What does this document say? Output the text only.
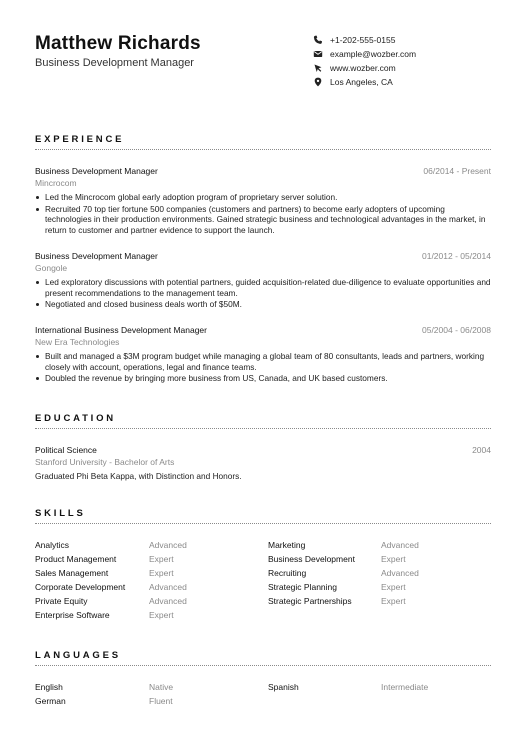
Matthew Richards
Business Development Manager
+1-202-555-0155
example@wozber.com
www.wozber.com
Los Angeles, CA
EXPERIENCE
Business Development Manager	06/2014 - Present
Mincrocom
Led the Mincrocom global early adoption program of proprietary server solution.
Recruited 70 top tier fortune 500 companies (customers and partners) to become early adopters of upcoming technologies in their production environments. Gained strategic business and technological advantages in the market, in return to customer and partner evidence to support the launch.
Business Development Manager	01/2012 - 05/2014
Gongole
Led exploratory discussions with potential partners, guided acquisition-related due-diligence to evaluate opportunities and present recommendations to the management team.
Negotiated and closed business deals worth of $50M.
International Business Development Manager	05/2004 - 06/2008
New Era Technologies
Built and managed a $3M program budget while managing a global team of 80 consultants, leads and partners, working closely with account, operations, legal and finance teams.
Doubled the revenue by bringing more business from US, Canada, and UK based customers.
EDUCATION
Political Science	2004
Stanford University - Bachelor of Arts
Graduated Phi Beta Kappa, with Distinction and Honors.
SKILLS
Analytics	Advanced	Marketing	Advanced
Product Management	Expert	Business Development	Expert
Sales Management	Expert	Recruiting	Advanced
Corporate Development	Advanced	Strategic Planning	Expert
Private Equity	Advanced	Strategic Partnerships	Expert
Enterprise Software	Expert
LANGUAGES
English	Native	Spanish	Intermediate
German	Fluent
